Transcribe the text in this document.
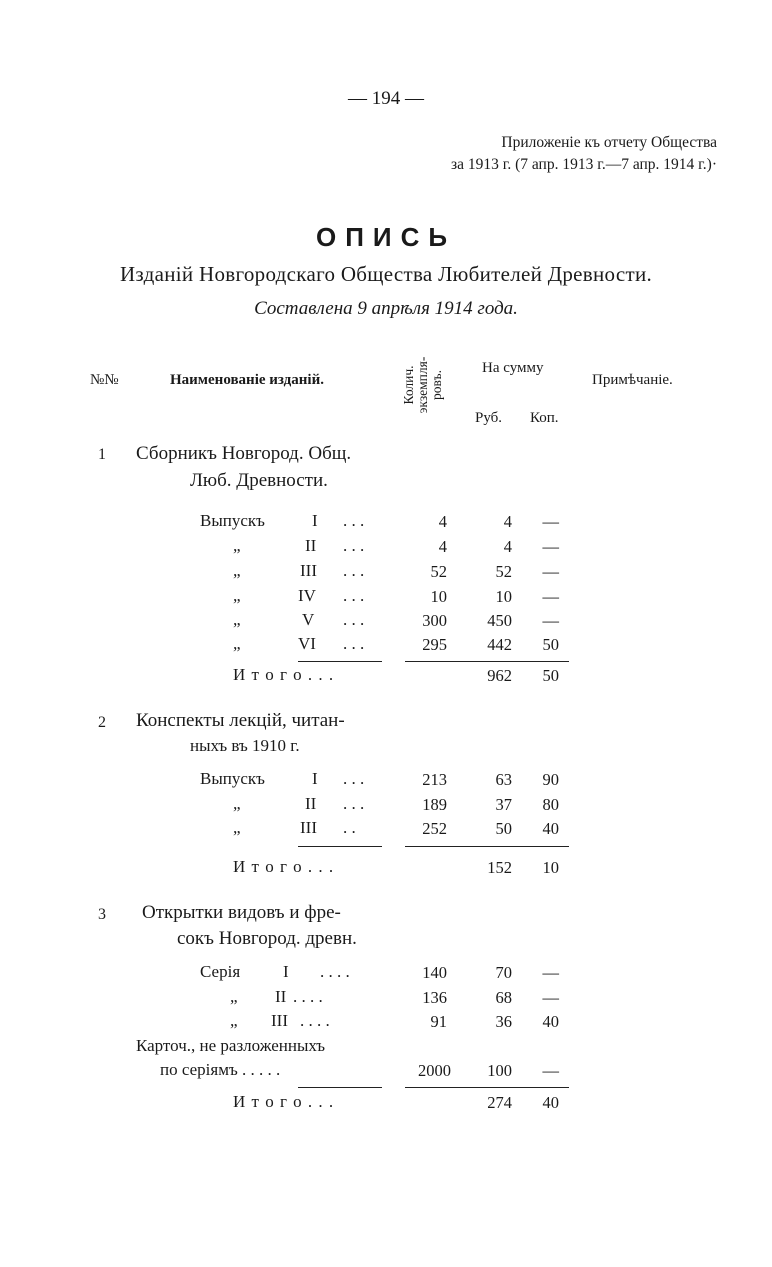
— 194 —
Приложеніе къ отчету Общества
за 1913 г. (7 апр. 1913 г.—7 апр. 1914 г.)·
ОПИСЬ
Изданій Новгородскаго Общества Любителей Древности.
Составлена 9 апрѣля 1914 года.
№№	Наименованіе изданій.	Колич. экземпля-ровъ.
На сумму
Руб. Коп.
Примѣчаніе.
1 Сборникъ Новгород. Общ.
Люб. Древности.
Выпускъ	I . . .	4	4	—
„	II . . .	4	4	—
„	III . . .	52	52	—
„	IV . . .	10	10	—
„	V . . .	300	450	—
„	VI . . .	295	442	50
И т о г о . . .	962	50
2 Конспекты лекцій, читан-
ныхъ въ 1910 г.
Выпускъ	I . . .	213	63	90
„	II . . .	189	37	80
„	III . .	252	50	40
И т о г о . . .	152	10
3 Открытки видовъ и фре-
сокъ Новгород. древн.
Серія	I . . . .	140	70	—
„ II . . . .	136	68	—
„ III . . . .	91	36	40
Карточ., не разложенныхъ
по серіямъ . . . . .	2000	100	—
И т о г о . . .	274	40
